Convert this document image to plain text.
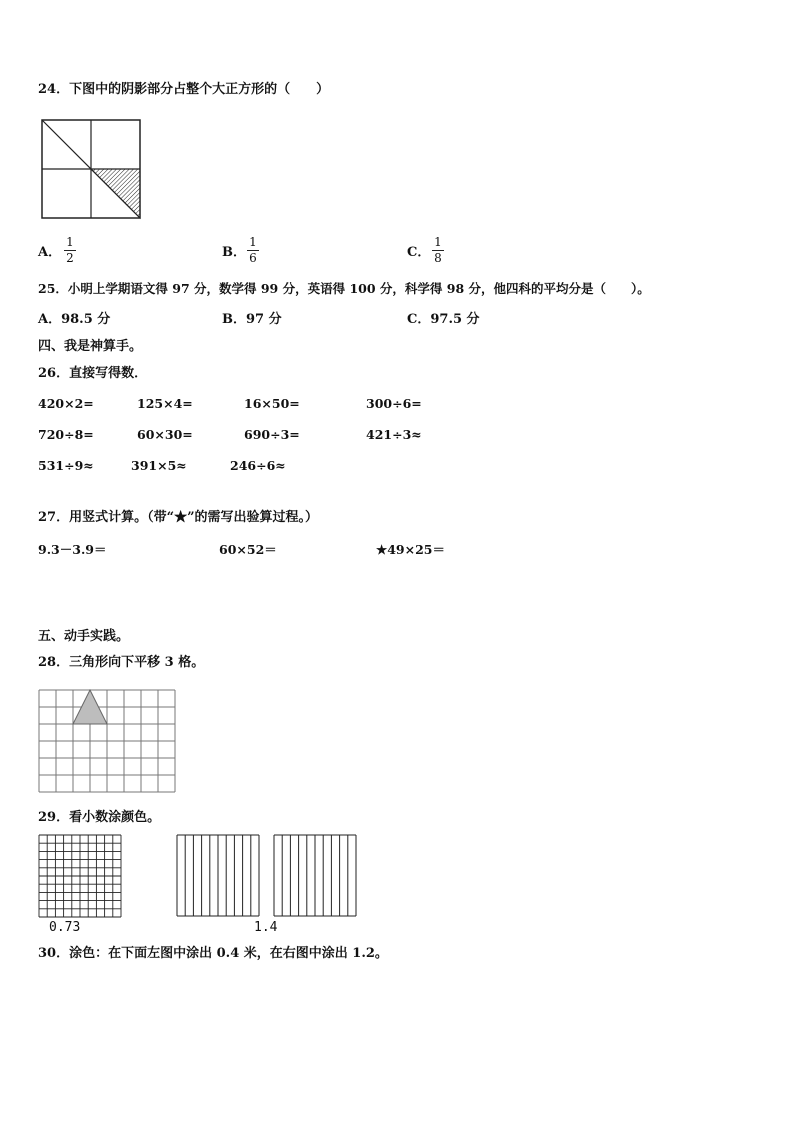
24．下图中的阴影部分占整个大正方形的（　　）
A．
1
2	B．
1
6	C．
1
8
25．小明上学期语文得 97 分，数学得 99 分，英语得 100 分，科学得 98 分，他四科的平均分是（　　）。
A．98.5 分	B．97 分	C．97.5 分
四、我是神算手。
26．直接写得数．
420×2=	125×4=	16×50=	300÷6=
720÷8=	60×30=	690÷3=	421÷3≈
531÷9≈	391×5≈	246÷6≈
27．用竖式计算。（带“★”的需写出验算过程。）
9.3－3.9＝	60×52＝	★49×25＝
五、动手实践。
28．三角形向下平移 3 格。
29．看小数涂颜色。
0.73	1.4
30．涂色：在下面左图中涂出 0.4 米，在右图中涂出 1.2。
